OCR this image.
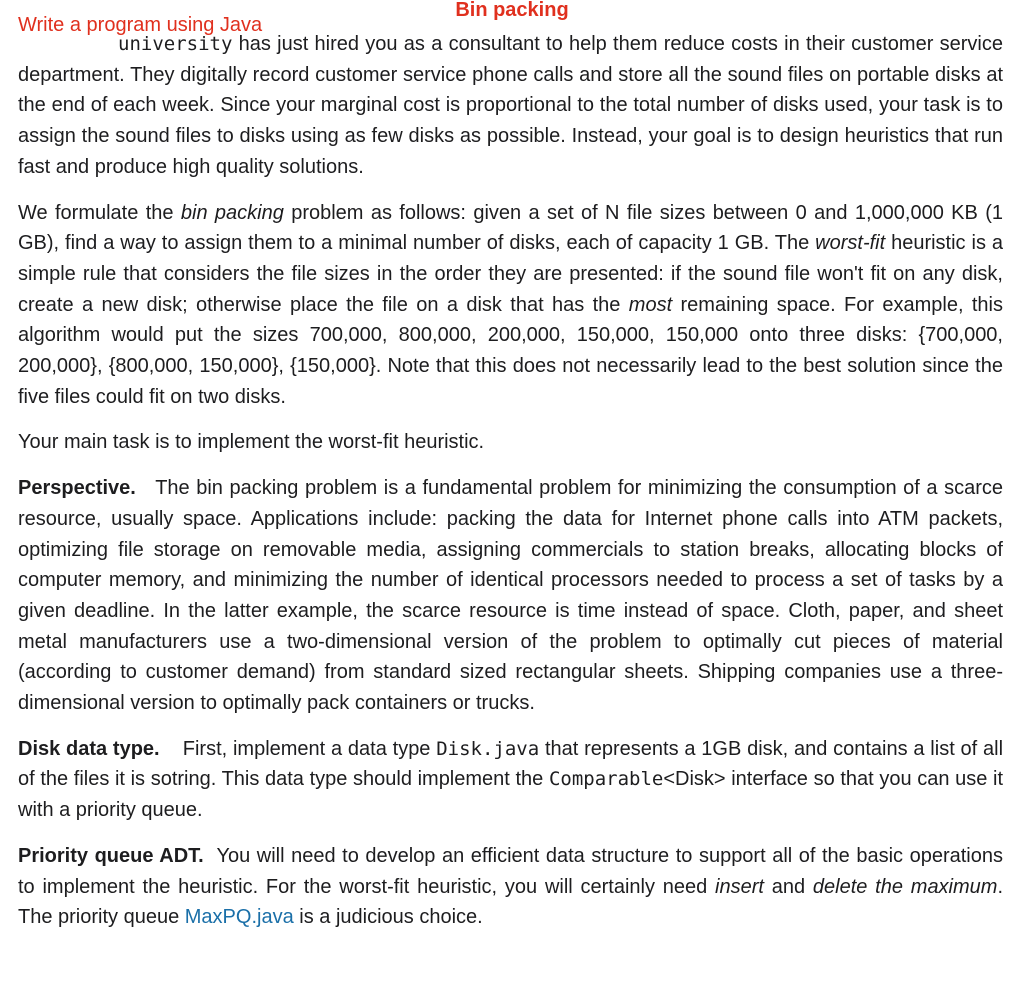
Bin packing
Write a program using Java

university has just hired you as a consultant to help them reduce costs in their customer service department. They digitally record customer service phone calls and store all the sound files on portable disks at the end of each week. Since your marginal cost is proportional to the total number of disks used, your task is to assign the sound files to disks using as few disks as possible. Instead, your goal is to design heuristics that run fast and produce high quality solutions.

We formulate the bin packing problem as follows: given a set of N file sizes between 0 and 1,000,000 KB (1 GB), find a way to assign them to a minimal number of disks, each of capacity 1 GB. The worst-fit heuristic is a simple rule that considers the file sizes in the order they are presented: if the sound file won't fit on any disk, create a new disk; otherwise place the file on a disk that has the most remaining space. For example, this algorithm would put the sizes 700,000, 800,000, 200,000, 150,000, 150,000 onto three disks: {700,000, 200,000}, {800,000, 150,000}, {150,000}. Note that this does not necessarily lead to the best solution since the five files could fit on two disks.

Your main task is to implement the worst-fit heuristic.

Perspective. The bin packing problem is a fundamental problem for minimizing the consumption of a scarce resource, usually space. Applications include: packing the data for Internet phone calls into ATM packets, optimizing file storage on removable media, assigning commercials to station breaks, allocating blocks of computer memory, and minimizing the number of identical processors needed to process a set of tasks by a given deadline. In the latter example, the scarce resource is time instead of space. Cloth, paper, and sheet metal manufacturers use a two-dimensional version of the problem to optimally cut pieces of material (according to customer demand) from standard sized rectangular sheets. Shipping companies use a three-dimensional version to optimally pack containers or trucks.

Disk data type. First, implement a data type Disk.java that represents a 1GB disk, and contains a list of all of the files it is sotring. This data type should implement the Comparable<Disk> interface so that you can use it with a priority queue.

Priority queue ADT. You will need to develop an efficient data structure to support all of the basic operations to implement the heuristic. For the worst-fit heuristic, you will certainly need insert and delete the maximum. The priority queue MaxPQ.java is a judicious choice.
